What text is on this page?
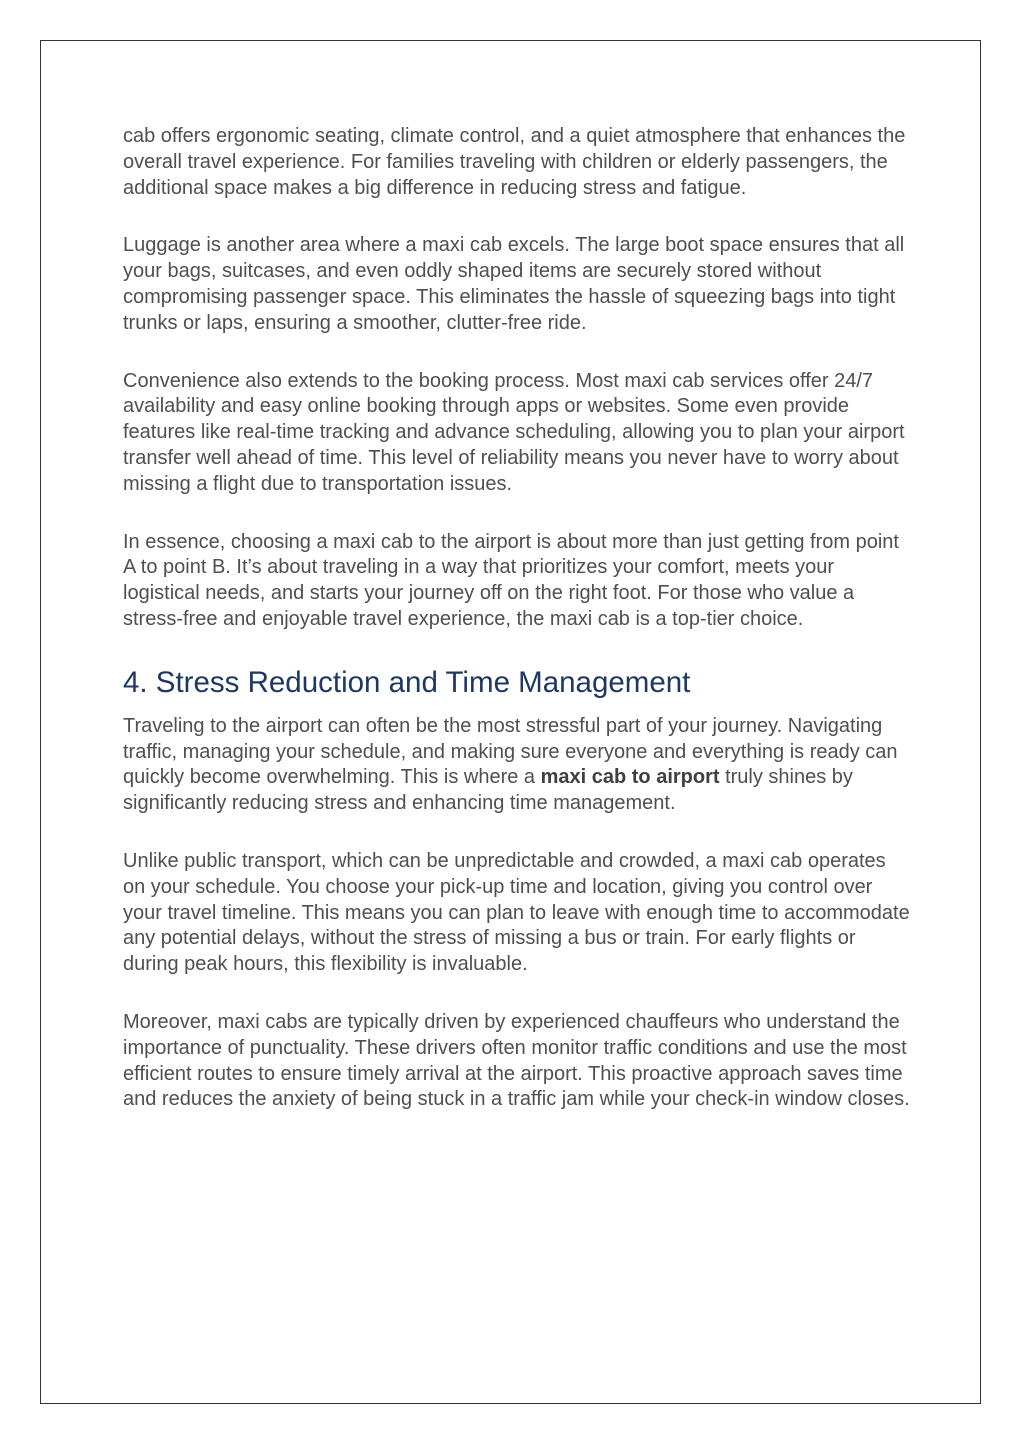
cab offers ergonomic seating, climate control, and a quiet atmosphere that enhances the overall travel experience. For families traveling with children or elderly passengers, the additional space makes a big difference in reducing stress and fatigue.

Luggage is another area where a maxi cab excels. The large boot space ensures that all your bags, suitcases, and even oddly shaped items are securely stored without compromising passenger space. This eliminates the hassle of squeezing bags into tight trunks or laps, ensuring a smoother, clutter-free ride.

Convenience also extends to the booking process. Most maxi cab services offer 24/7 availability and easy online booking through apps or websites. Some even provide features like real-time tracking and advance scheduling, allowing you to plan your airport transfer well ahead of time. This level of reliability means you never have to worry about missing a flight due to transportation issues.

In essence, choosing a maxi cab to the airport is about more than just getting from point A to point B. It’s about traveling in a way that prioritizes your comfort, meets your logistical needs, and starts your journey off on the right foot. For those who value a stress-free and enjoyable travel experience, the maxi cab is a top-tier choice.

4. Stress Reduction and Time Management

Traveling to the airport can often be the most stressful part of your journey. Navigating traffic, managing your schedule, and making sure everyone and everything is ready can quickly become overwhelming. This is where a maxi cab to airport truly shines by significantly reducing stress and enhancing time management.

Unlike public transport, which can be unpredictable and crowded, a maxi cab operates on your schedule. You choose your pick-up time and location, giving you control over your travel timeline. This means you can plan to leave with enough time to accommodate any potential delays, without the stress of missing a bus or train. For early flights or during peak hours, this flexibility is invaluable.

Moreover, maxi cabs are typically driven by experienced chauffeurs who understand the importance of punctuality. These drivers often monitor traffic conditions and use the most efficient routes to ensure timely arrival at the airport. This proactive approach saves time and reduces the anxiety of being stuck in a traffic jam while your check-in window closes.
